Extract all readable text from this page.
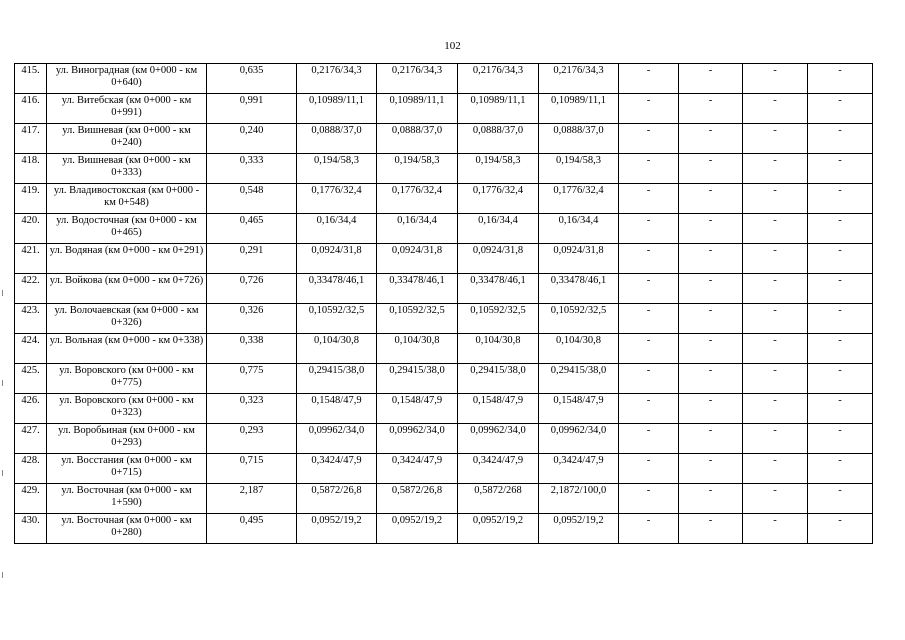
102
415.	ул. Виноградная (км 0+000 - км 0+640)	0,635	0,2176/34,3	0,2176/34,3	0,2176/34,3	0,2176/34,3	-	-	-	-
416.	ул. Витебская (км 0+000 - км 0+991)	0,991	0,10989/11,1	0,10989/11,1	0,10989/11,1	0,10989/11,1	-	-	-	-
417.	ул. Вишневая (км 0+000 - км 0+240)	0,240	0,0888/37,0	0,0888/37,0	0,0888/37,0	0,0888/37,0	-	-	-	-
418.	ул. Вишневая (км 0+000 - км 0+333)	0,333	0,194/58,3	0,194/58,3	0,194/58,3	0,194/58,3	-	-	-	-
419.	ул. Владивостокская (км 0+000 - км 0+548)	0,548	0,1776/32,4	0,1776/32,4	0,1776/32,4	0,1776/32,4	-	-	-	-
420.	ул. Водосточная (км 0+000 - км 0+465)	0,465	0,16/34,4	0,16/34,4	0,16/34,4	0,16/34,4	-	-	-	-
421.	ул. Водяная (км 0+000 - км 0+291)	0,291	0,0924/31,8	0,0924/31,8	0,0924/31,8	0,0924/31,8	-	-	-	-
422.	ул. Войкова (км 0+000 - км 0+726)	0,726	0,33478/46,1	0,33478/46,1	0,33478/46,1	0,33478/46,1	-	-	-	-
423.	ул. Волочаевская (км 0+000 - км 0+326)	0,326	0,10592/32,5	0,10592/32,5	0,10592/32,5	0,10592/32,5	-	-	-	-
424.	ул. Вольная (км 0+000 - км 0+338)	0,338	0,104/30,8	0,104/30,8	0,104/30,8	0,104/30,8	-	-	-	-
425.	ул. Воровского (км 0+000 - км 0+775)	0,775	0,29415/38,0	0,29415/38,0	0,29415/38,0	0,29415/38,0	-	-	-	-
426.	ул. Воровского (км 0+000 - км 0+323)	0,323	0,1548/47,9	0,1548/47,9	0,1548/47,9	0,1548/47,9	-	-	-	-
427.	ул. Воробьиная (км 0+000 - км 0+293)	0,293	0,09962/34,0	0,09962/34,0	0,09962/34,0	0,09962/34,0	-	-	-	-
428.	ул. Восстания (км 0+000 - км 0+715)	0,715	0,3424/47,9	0,3424/47,9	0,3424/47,9	0,3424/47,9	-	-	-	-
429.	ул. Восточная (км 0+000 - км 1+590)	2,187	0,5872/26,8	0,5872/26,8	0,5872/268	2,1872/100,0	-	-	-	-
430.	ул. Восточная (км 0+000 - км 0+280)	0,495	0,0952/19,2	0,0952/19,2	0,0952/19,2	0,0952/19,2	-	-	-	-
